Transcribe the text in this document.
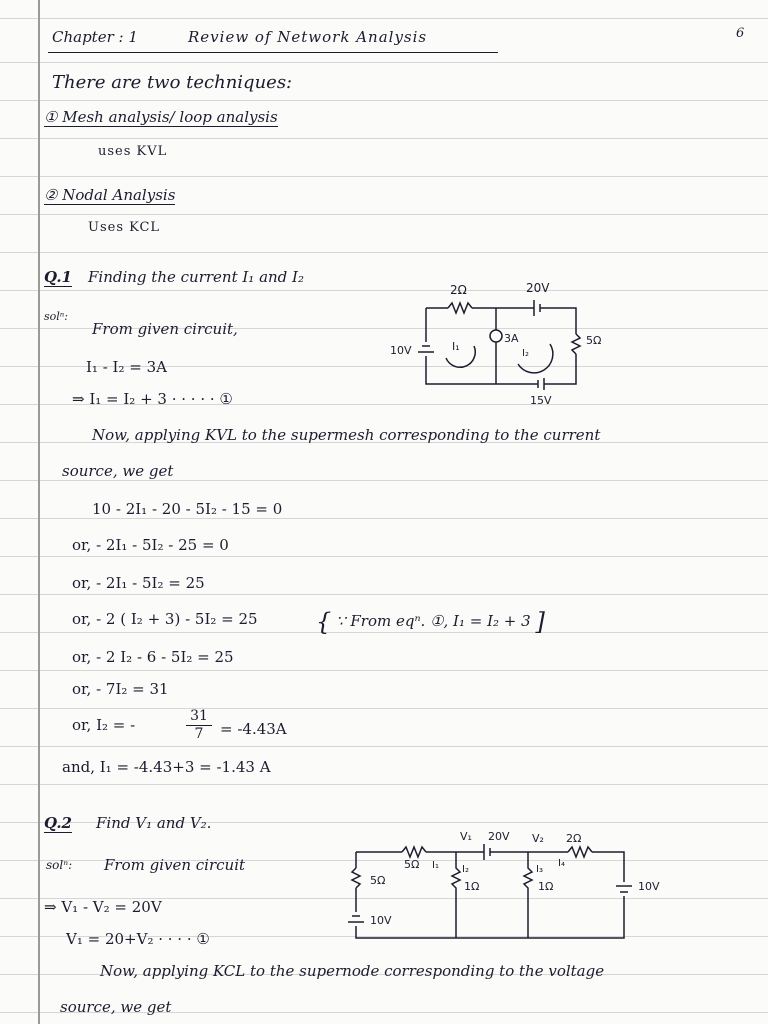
Chapter : 1	Review of Network Analysis	6
There are two techniques:
① Mesh analysis/ loop analysis
uses KVL
② Nodal Analysis
Uses KCL
Q.1 Finding the current I₁ and I₂
solⁿ:
From given circuit,
I₁ - I₂ = 3A
⇒ I₁ = I₂ + 3 · · · · · ①
2Ω	20V
10V
3A	5Ω
15V
I₁
I₂
Now, applying KVL to the supermesh corresponding to the current
source, we get
10 - 2I₁ - 20 - 5I₂ - 15 = 0
or, - 2I₁ - 5I₂ - 25 = 0
or, - 2I₁ - 5I₂ = 25
or, - 2 ( I₂ + 3) - 5I₂ = 25 { ∵ From eqⁿ. ①, I₁ = I₂ + 3 ]
or, - 2 I₂ - 6 - 5I₂ = 25
or, - 7I₂ = 31
or, I₂ = -	$\frac{31}{7} = -4.43A$
and, I₁ = -4.43+3 = -1.43 A
Q.2 Find V₁ and V₂.
solⁿ: From given circuit
⇒ V₁ - V₂ = 20V
V₁ = 20+V₂ · · · · ①
V₁ 20V V₂ 2Ω
5Ω I₁ I₂	I₃
I₄
5Ω	1Ω	1Ω	10V
10V
Now, applying KCL to the supernode corresponding to the voltage
source, we get
